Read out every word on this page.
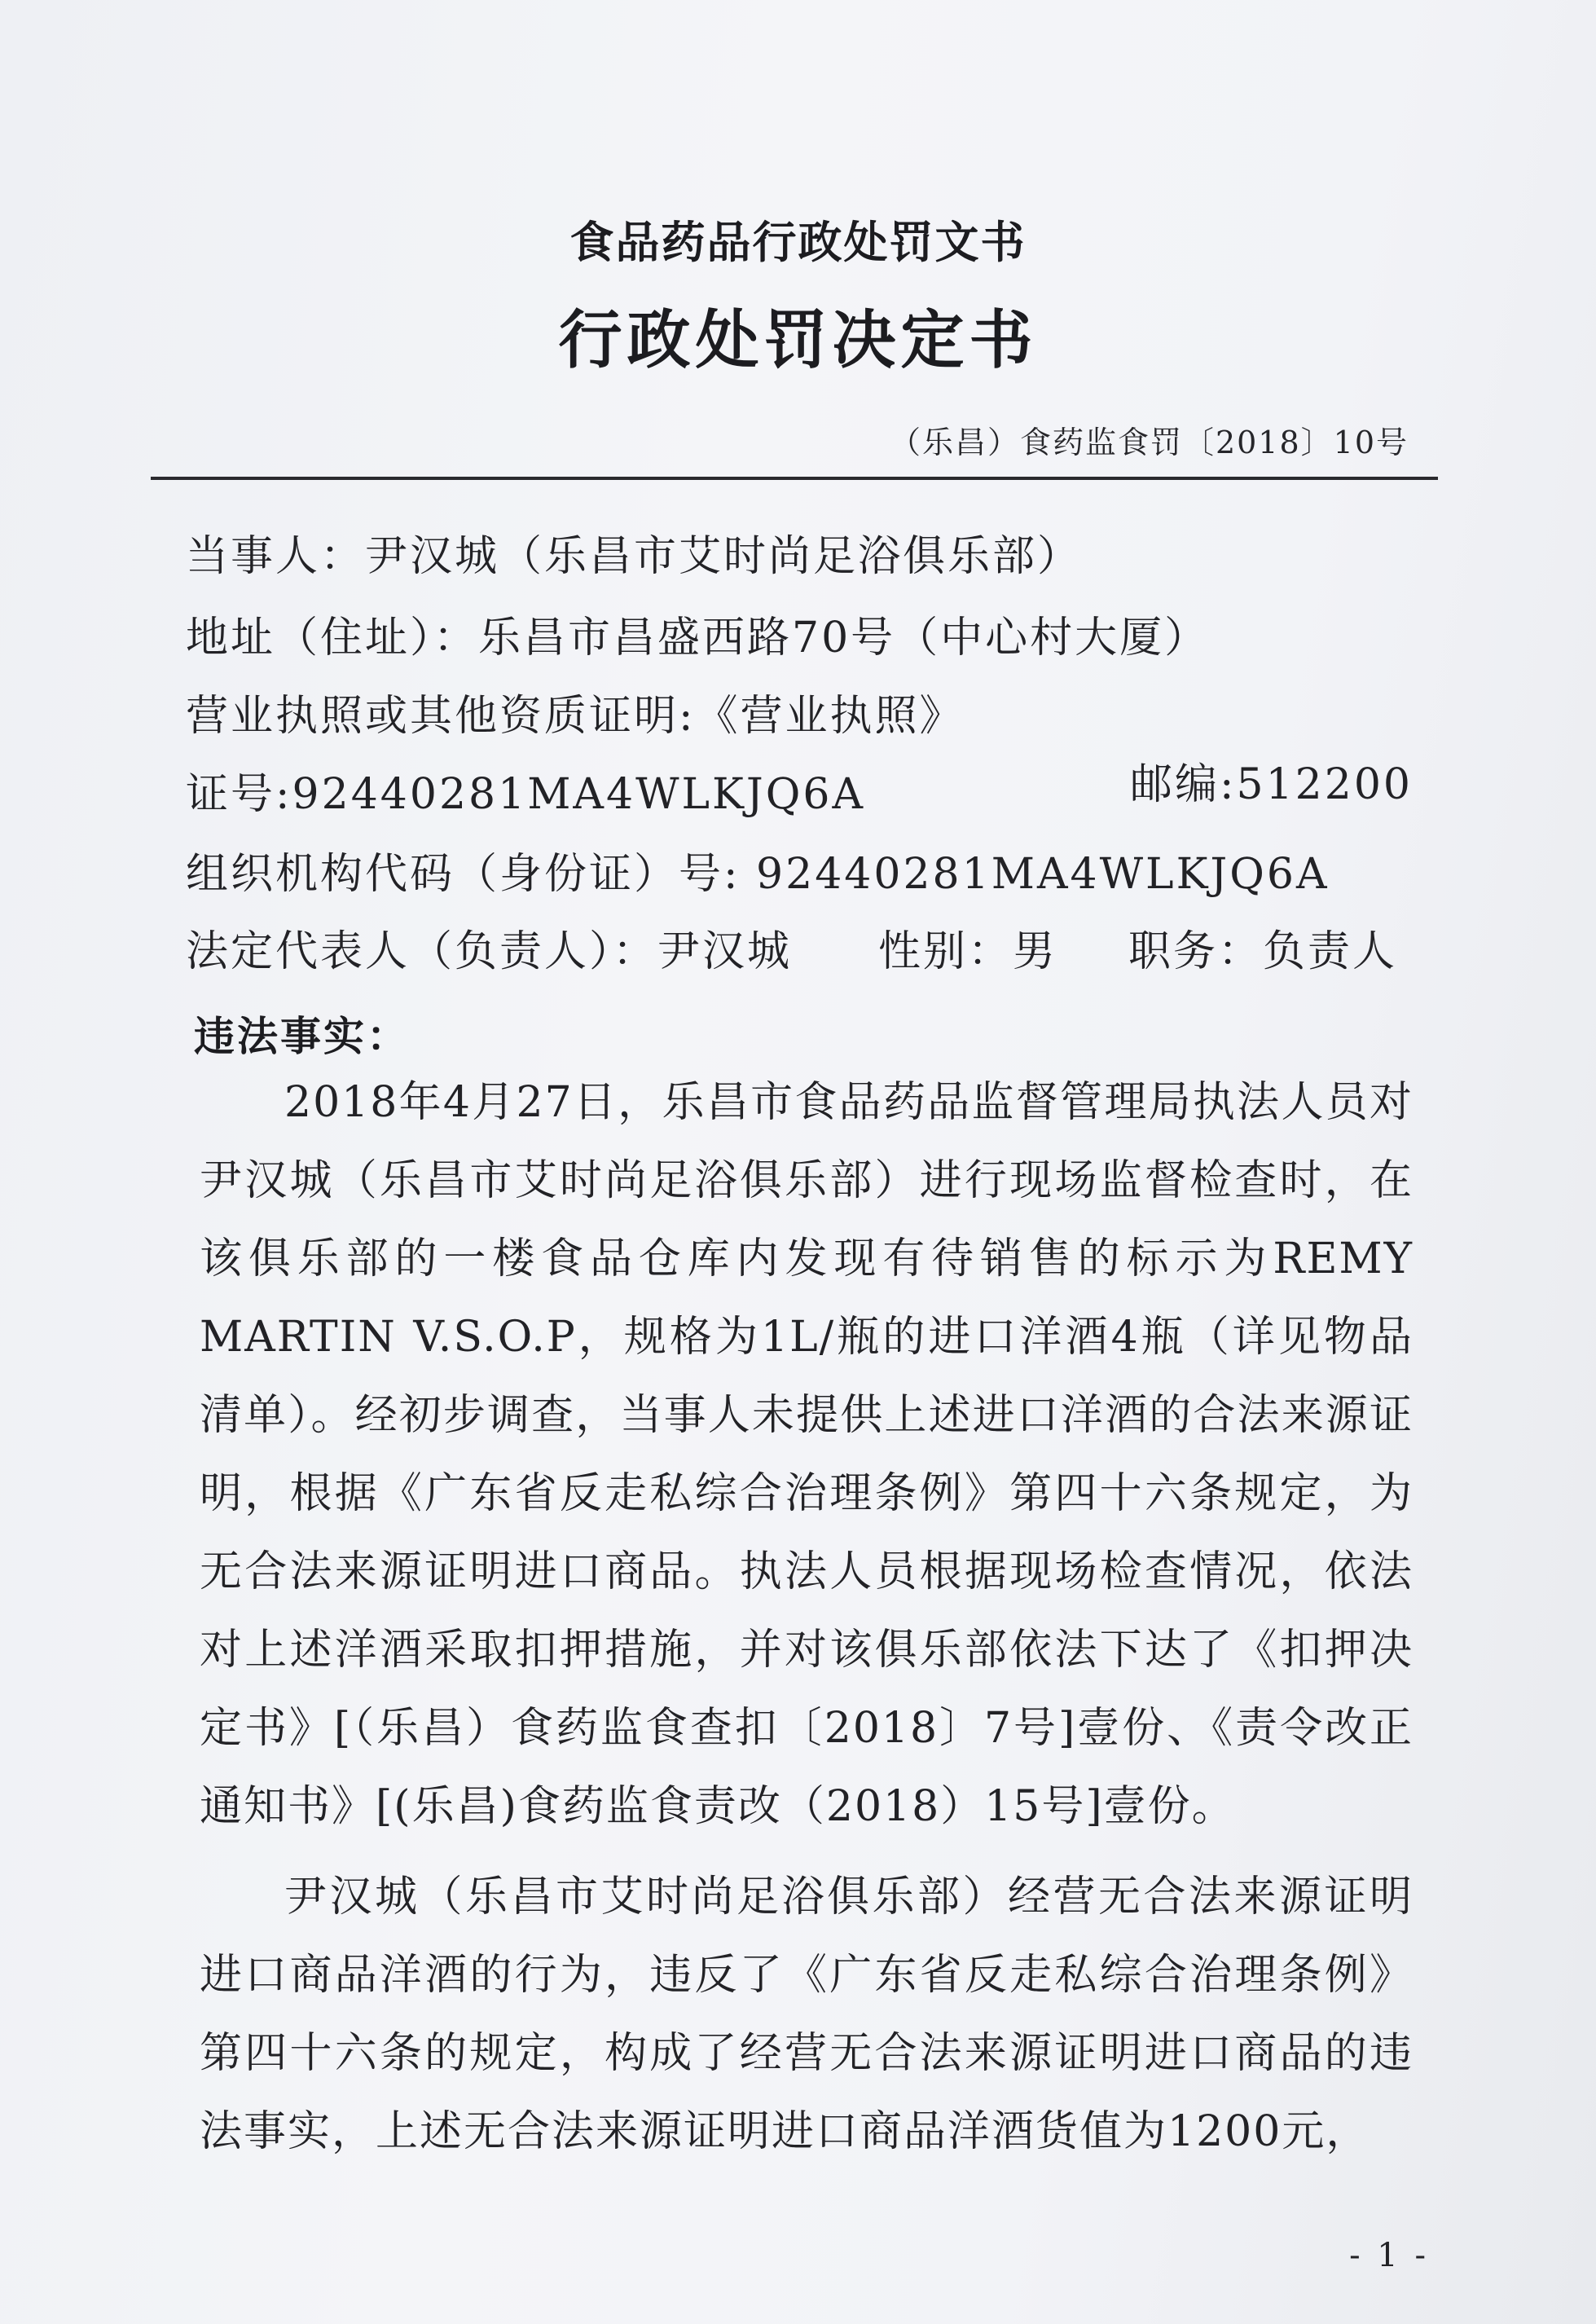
食品药品行政处罚文书
行政处罚决定书
（乐昌）食药监食罚〔2018〕10号
当事人：尹汉城（乐昌市艾时尚足浴俱乐部）
地址（住址）：乐昌市昌盛西路70号（中心村大厦）
营业执照或其他资质证明:《营业执照》
证号:92440281MA4WLKJQ6A	邮编:512200
组织机构代码（身份证）号: 92440281MA4WLKJQ6A
法定代表人（负责人）：尹汉城 性别：男 职务：负责人
违法事实：
2018年4月27日，乐昌市食品药品监督管理局执法人员对尹汉城（乐昌市艾时尚足浴俱乐部）进行现场监督检查时，在该俱乐部的一楼食品仓库内发现有待销售的标示为REMY MARTIN V.S.O.P，规格为1L/瓶的进口洋酒4瓶（详见物品清单）。经初步调查，当事人未提供上述进口洋酒的合法来源证明，根据《广东省反走私综合治理条例》第四十六条规定，为无合法来源证明进口商品。执法人员根据现场检查情况，依法对上述洋酒采取扣押措施，并对该俱乐部依法下达了《扣押决定书》[（乐昌）食药监食查扣〔2018〕7号]壹份、《责令改正通知书》[(乐昌)食药监食责改（2018）15号]壹份。
尹汉城（乐昌市艾时尚足浴俱乐部）经营无合法来源证明进口商品洋酒的行为，违反了《广东省反走私综合治理条例》第四十六条的规定，构成了经营无合法来源证明进口商品的违法事实，上述无合法来源证明进口商品洋酒货值为1200元，
- 1 -
